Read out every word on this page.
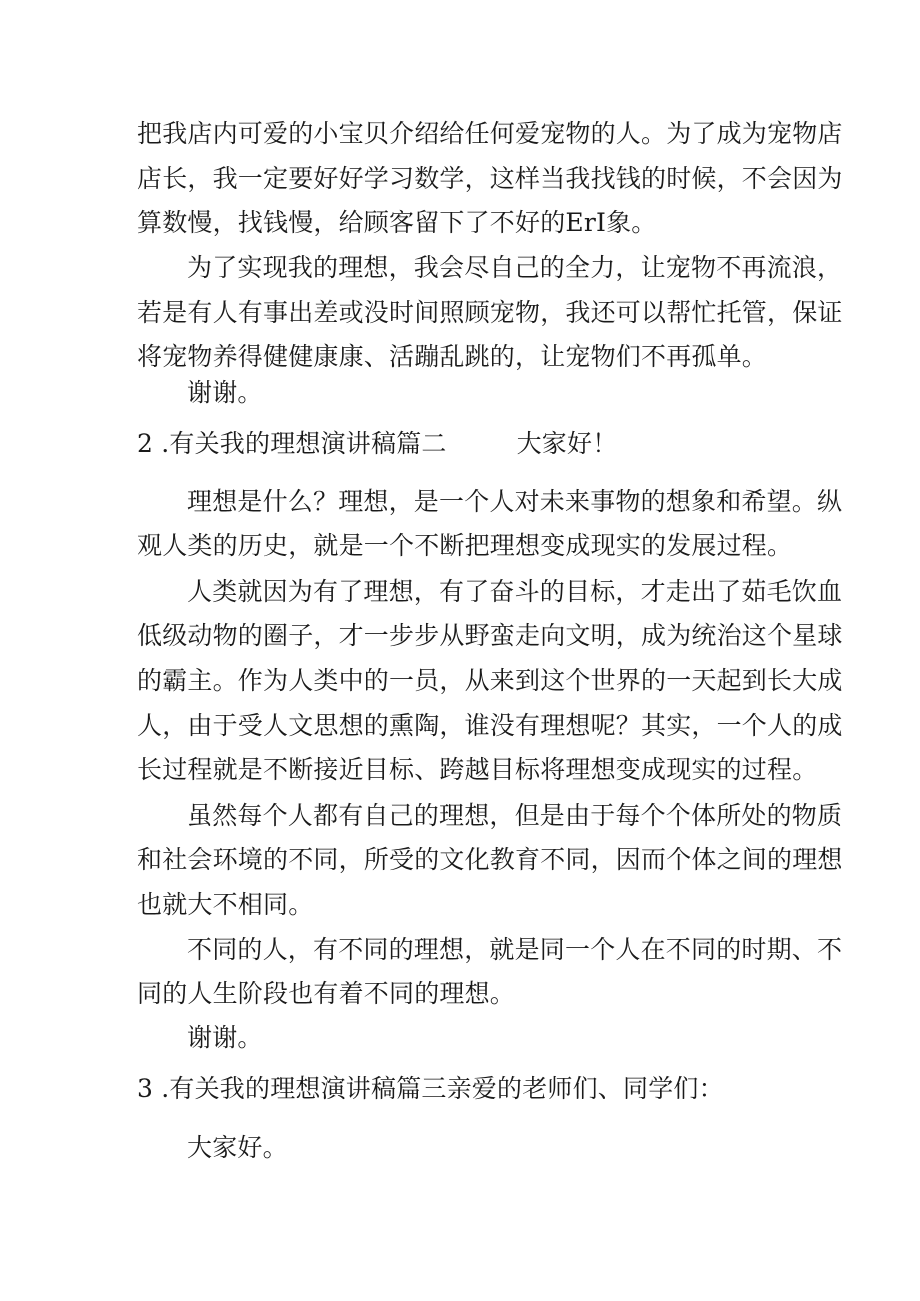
把我店内可爱的小宝贝介绍给任何爱宠物的人。为了成为宠物店
店长，我一定要好好学习数学，这样当我找钱的时候，不会因为
算数慢，找钱慢，给顾客留下了不好的ErI象。
为了实现我的理想，我会尽自己的全力，让宠物不再流浪，
若是有人有事出差或没时间照顾宠物，我还可以帮忙托管，保证
将宠物养得健健康康、活蹦乱跳的，让宠物们不再孤单。
谢谢。
2 .有关我的理想演讲稿篇二	大家好！
理想是什么？理想，是一个人对未来事物的想象和希望。纵
观人类的历史，就是一个不断把理想变成现实的发展过程。
人类就因为有了理想，有了奋斗的目标，才走出了茹毛饮血
低级动物的圈子，才一步步从野蛮走向文明，成为统治这个星球
的霸主。作为人类中的一员，从来到这个世界的一天起到长大成
人，由于受人文思想的熏陶，谁没有理想呢？其实，一个人的成
长过程就是不断接近目标、跨越目标将理想变成现实的过程。
虽然每个人都有自己的理想，但是由于每个个体所处的物质
和社会环境的不同，所受的文化教育不同，因而个体之间的理想
也就大不相同。
不同的人，有不同的理想，就是同一个人在不同的时期、不
同的人生阶段也有着不同的理想。
谢谢。
3 .有关我的理想演讲稿篇三亲爱的老师们、同学们：
大家好。
